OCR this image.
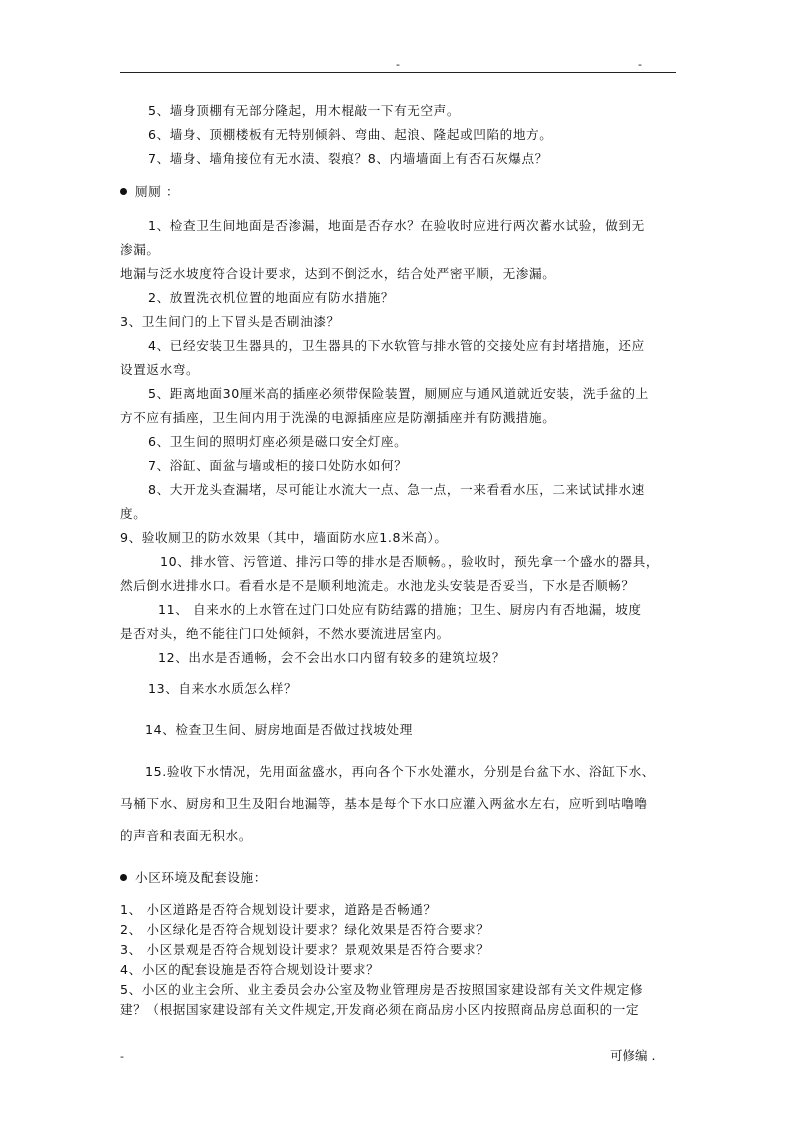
-	-
5、墙身顶棚有无部分隆起，用木棍敲一下有无空声。
6、墙身、顶棚楼板有无特别倾斜、弯曲、起浪、隆起或凹陷的地方。
7、墙身、墙角接位有无水渍、裂痕？8、内墙墙面上有否石灰爆点？
厕厕 ：
1、检查卫生间地面是否渗漏，地面是否存水？在验收时应进行两次蓄水试验，做到无
渗漏。
地漏与泛水坡度符合设计要求，达到不倒泛水，结合处严密平顺，无渗漏。
2、放置洗衣机位置的地面应有防水措施？
3、卫生间门的上下冒头是否刷油漆？
4、已经安装卫生器具的，卫生器具的下水软管与排水管的交接处应有封堵措施，还应
设置返水弯。
5、距离地面30厘米高的插座必须带保险装置，厕厕应与通风道就近安装，洗手盆的上
方不应有插座，卫生间内用于洗澡的电源插座应是防潮插座并有防溅措施。
6、卫生间的照明灯座必须是磁口安全灯座。
7、浴缸、面盆与墙或柜的接口处防水如何？
8、大开龙头查漏堵，尽可能让水流大一点、急一点，一来看看水压，二来试试排水速
度。
9、验收厕卫的防水效果（其中，墙面防水应1.8米高）。
10、排水管、污管道、排污口等的排水是否顺畅。，验收时，预先拿一个盛水的器具，
然后倒水进排水口。看看水是不是顺利地流走。水池龙头安装是否妥当，下水是否顺畅？
11、 自来水的上水管在过门口处应有防结露的措施；卫生、厨房内有否地漏，坡度
是否对头，绝不能往门口处倾斜，不然水要流进居室内。
12、出水是否通畅，会不会出水口内留有较多的建筑垃圾？
13、自来水水质怎么样？
14、检查卫生间、厨房地面是否做过找坡处理
15.验收下水情况，先用面盆盛水，再向各个下水处灌水，分别是台盆下水、浴缸下水、
马桶下水、厨房和卫生及阳台地漏等，基本是每个下水口应灌入两盆水左右，应听到咕噜噜
的声音和表面无积水。
小区环境及配套设施：
1、 小区道路是否符合规划设计要求，道路是否畅通？
2、 小区绿化是否符合规划设计要求？绿化效果是否符合要求？
3、 小区景观是否符合规划设计要求？景观效果是否符合要求？
4、小区的配套设施是否符合规划设计要求？
5、小区的业主会所、业主委员会办公室及物业管理房是否按照国家建设部有关文件规定修
建？（根据国家建设部有关文件规定,开发商必须在商品房小区内按照商品房总面积的一定
-	可修编 .
